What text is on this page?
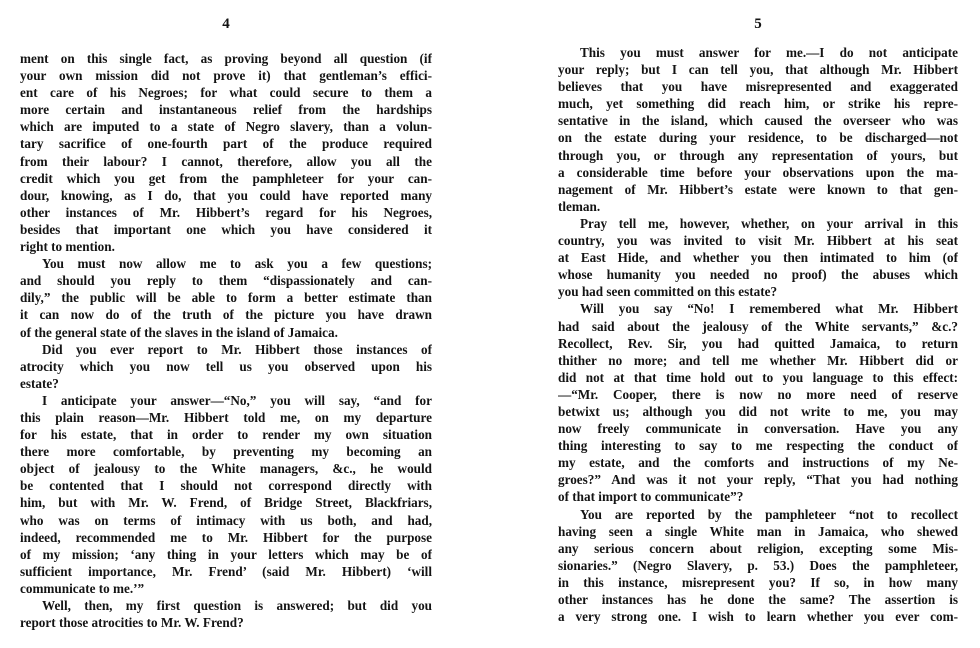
4
ment on this single fact, as proving beyond all question (if
your own mission did not prove it) that gentleman’s effici-
ent care of his Negroes; for what could secure to them a
more certain and instantaneous relief from the hardships
which are imputed to a state of Negro slavery, than a volun-
tary sacrifice of one-fourth part of the produce required
from their labour? I cannot, therefore, allow you all the
credit which you get from the pamphleteer for your can-
dour, knowing, as I do, that you could have reported many
other instances of Mr. Hibbert’s regard for his Negroes,
besides that important one which you have considered it
right to mention.
You must now allow me to ask you a few questions;
and should you reply to them “dispassionately and can-
dily,” the public will be able to form a better estimate than
it can now do of the truth of the picture you have drawn
of the general state of the slaves in the island of Jamaica.
Did you ever report to Mr. Hibbert those instances of
atrocity which you now tell us you observed upon his
estate?
I anticipate your answer—“No,” you will say, “and for
this plain reason—Mr. Hibbert told me, on my departure
for his estate, that in order to render my own situation
there more comfortable, by preventing my becoming an
object of jealousy to the White managers, &c., he would
be contented that I should not correspond directly with
him, but with Mr. W. Frend, of Bridge Street, Blackfriars,
who was on terms of intimacy with us both, and had,
indeed, recommended me to Mr. Hibbert for the purpose
of my mission; ‘any thing in your letters which may be of
sufficient importance, Mr. Frend’ (said Mr. Hibbert) ‘will
communicate to me.’”
Well, then, my first question is answered; but did you
report those atrocities to Mr. W. Frend?
5
This you must answer for me.—I do not anticipate
your reply; but I can tell you, that although Mr. Hibbert
believes that you have misrepresented and exaggerated
much, yet something did reach him, or strike his repre-
sentative in the island, which caused the overseer who was
on the estate during your residence, to be discharged—not
through you, or through any representation of yours, but
a considerable time before your observations upon the ma-
nagement of Mr. Hibbert’s estate were known to that gen-
tleman.
Pray tell me, however, whether, on your arrival in this
country, you was invited to visit Mr. Hibbert at his seat
at East Hide, and whether you then intimated to him (of
whose humanity you needed no proof) the abuses which
you had seen committed on this estate?
Will you say “No! I remembered what Mr. Hibbert
had said about the jealousy of the White servants,” &c.?
Recollect, Rev. Sir, you had quitted Jamaica, to return
thither no more; and tell me whether Mr. Hibbert did or
did not at that time hold out to you language to this effect:
—“Mr. Cooper, there is now no more need of reserve
betwixt us; although you did not write to me, you may
now freely communicate in conversation. Have you any
thing interesting to say to me respecting the conduct of
my estate, and the comforts and instructions of my Ne-
groes?” And was it not your reply, “That you had nothing
of that import to communicate”?
You are reported by the pamphleteer “not to recollect
having seen a single White man in Jamaica, who shewed
any serious concern about religion, excepting some Mis-
sionaries.” (Negro Slavery, p. 53.) Does the pamphleteer,
in this instance, misrepresent you? If so, in how many
other instances has he done the same? The assertion is
a very strong one. I wish to learn whether you ever com-
